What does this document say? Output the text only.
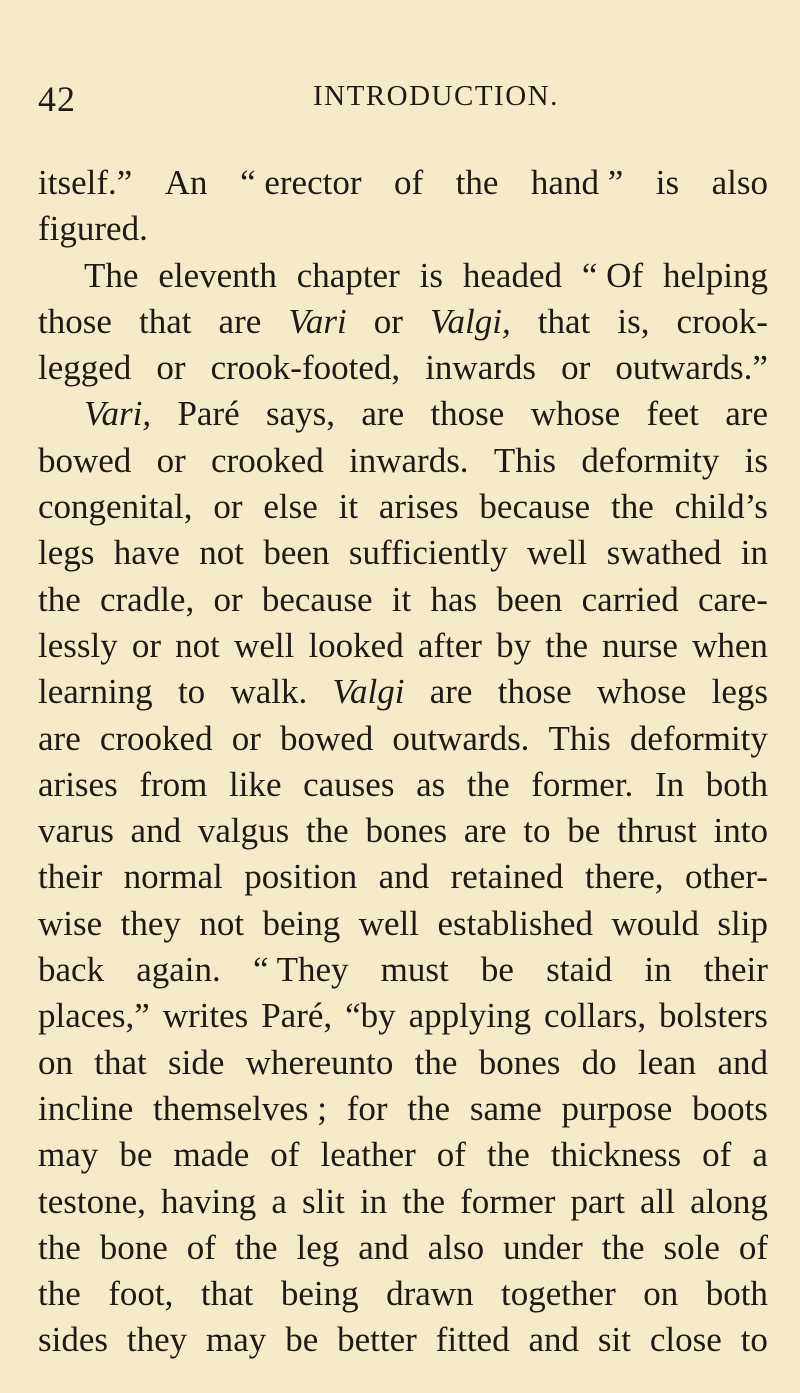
42	INTRODUCTION.
itself.” An “ erector of the hand ” is also
figured.
The eleventh chapter is headed “ Of helping
those that are Vari or Valgi, that is, crook-
legged or crook-footed, inwards or outwards.”
Vari, Paré says, are those whose feet are
bowed or crooked inwards. This deformity is
congenital, or else it arises because the child’s
legs have not been sufficiently well swathed in
the cradle, or because it has been carried care-
lessly or not well looked after by the nurse when
learning to walk. Valgi are those whose legs
are crooked or bowed outwards. This deformity
arises from like causes as the former. In both
varus and valgus the bones are to be thrust into
their normal position and retained there, other-
wise they not being well established would slip
back again. “ They must be staid in their
places,” writes Paré, “by applying collars, bolsters
on that side whereunto the bones do lean and
incline themselves ; for the same purpose boots
may be made of leather of the thickness of a
testone, having a slit in the former part all along
the bone of the leg and also under the sole of
the foot, that being drawn together on both
sides they may be better fitted and sit close to
